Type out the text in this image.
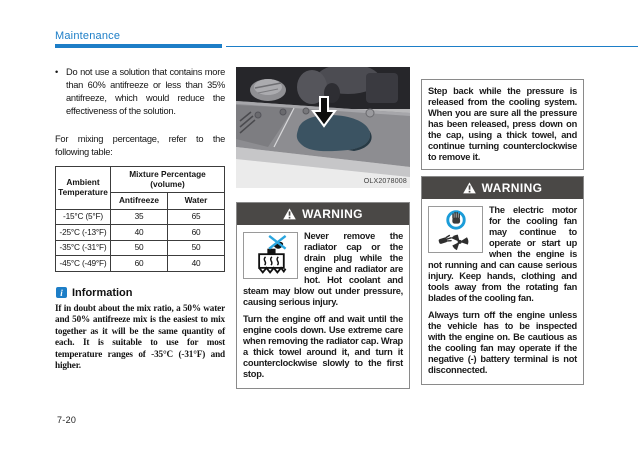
Maintenance
• Do not use a solution that contains more than 60% antifreeze or less than 35% antifreeze, which would reduce the effectiveness of the solution.
For mixing percentage, refer to the following table:
Ambient Temperature	Mixture Percentage (volume)	
	Antifreeze	Water
-15°C (5°F)	35	65
-25°C (-13°F)	40	60
-35°C (-31°F)	50	50
-45°C (-49°F)	60	40
i Information
If in doubt about the mix ratio, a 50% water and 50% antifreeze mix is the easiest to mix together as it will be the same quantity of each. It is suitable to use for most temperature ranges of -35°C (-31°F) and higher.
OLX2078008
WARNING

Never remove the radiator cap or the drain plug while the engine and radiator are hot. Hot coolant and steam may blow out under pressure, causing serious injury.

Turn the engine off and wait until the engine cools down. Use extreme care when removing the radiator cap. Wrap a thick towel around it, and turn it counterclockwise slowly to the first stop.

Step back while the pressure is released from the cooling system. When you are sure all the pressure has been released, press down on the cap, using a thick towel, and continue turning counterclockwise to remove it.

WARNING

The electric motor for the cooling fan may continue to operate or start up when the engine is not running and can cause serious injury. Keep hands, clothing and tools away from the rotating fan blades of the cooling fan.

Always turn off the engine unless the vehicle has to be inspected with the engine on. Be cautious as the cooling fan may operate if the negative (-) battery terminal is not disconnected.

7-20
